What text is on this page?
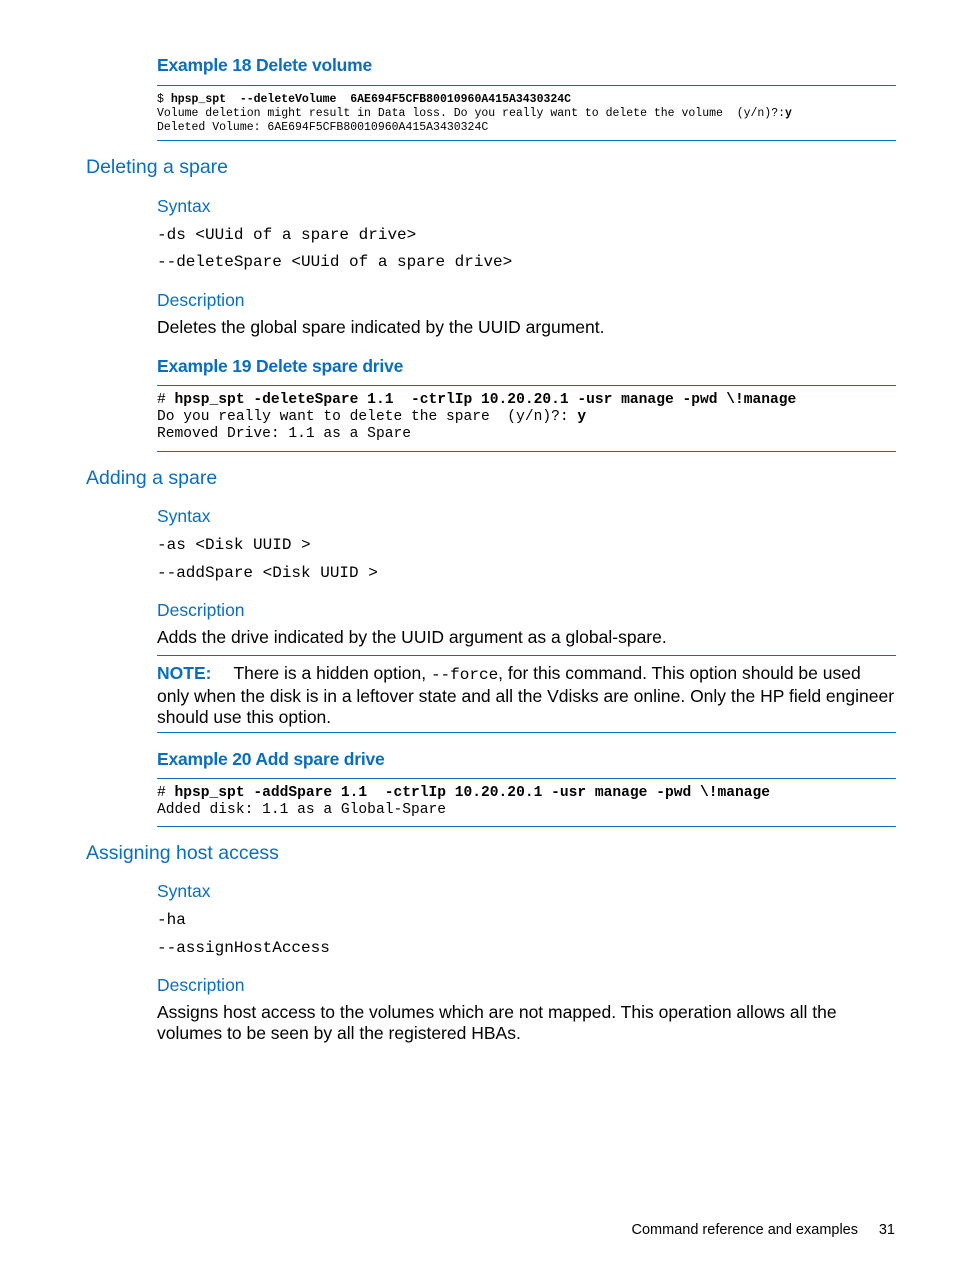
Example 18 Delete volume
$ hpsp_spt  --deleteVolume  6AE694F5CFB80010960A415A3430324C
Volume deletion might result in Data loss. Do you really want to delete the volume  (y/n)?:y
Deleted Volume: 6AE694F5CFB80010960A415A3430324C
Deleting a spare
Syntax
-ds <UUid of a spare drive>
--deleteSpare <UUid of a spare drive>
Description
Deletes the global spare indicated by the UUID argument.
Example 19 Delete spare drive
# hpsp_spt -deleteSpare 1.1  -ctrlIp 10.20.20.1 -usr manage -pwd \!manage
Do you really want to delete the spare  (y/n)?: y
Removed Drive: 1.1 as a Spare
Adding a spare
Syntax
-as <Disk UUID >
--addSpare <Disk UUID >
Description
Adds the drive indicated by the UUID argument as a global-spare.
NOTE: There is a hidden option, --force, for this command. This option should be used only when the disk is in a leftover state and all the Vdisks are online. Only the HP field engineer should use this option.
Example 20 Add spare drive
# hpsp_spt -addSpare 1.1  -ctrlIp 10.20.20.1 -usr manage -pwd \!manage
Added disk: 1.1 as a Global-Spare
Assigning host access
Syntax
-ha
--assignHostAccess
Description
Assigns host access to the volumes which are not mapped. This operation allows all the volumes to be seen by all the registered HBAs.
Command reference and examples 31
